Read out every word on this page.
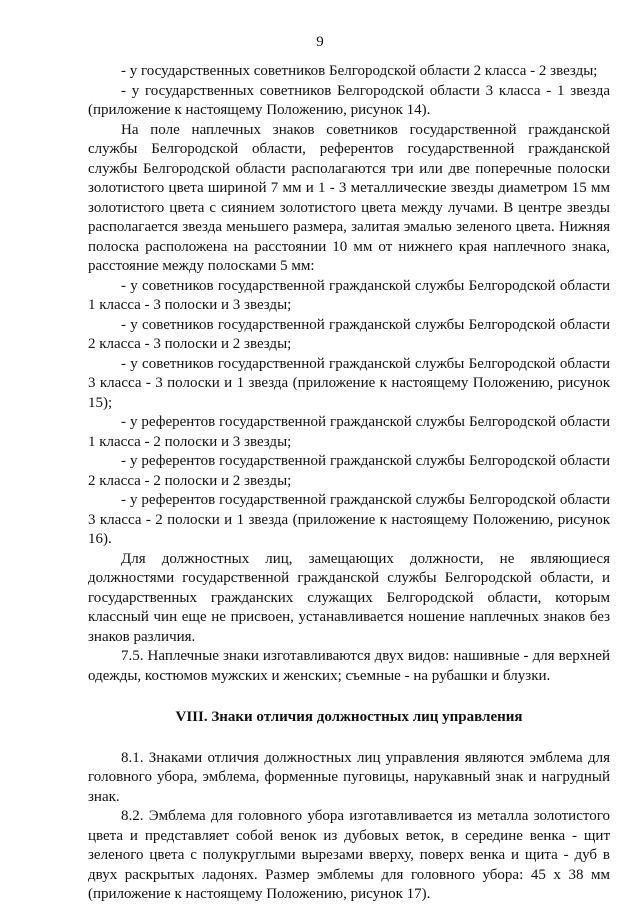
9

- у государственных советников Белгородской области 2 класса - 2 звезды;

- у государственных советников Белгородской области 3 класса - 1 звезда (приложение к настоящему Положению, рисунок 14).

На поле наплечных знаков советников государственной гражданской службы Белгородской области, референтов государственной гражданской службы Белгородской области располагаются три или две поперечные полоски золотистого цвета шириной 7 мм и 1 - 3 металлические звезды диаметром 15 мм золотистого цвета с сиянием золотистого цвета между лучами. В центре звезды располагается звезда меньшего размера, залитая эмалью зеленого цвета. Нижняя полоска расположена на расстоянии 10 мм от нижнего края наплечного знака, расстояние между полосками 5 мм:

- у советников государственной гражданской службы Белгородской области 1 класса - 3 полоски и 3 звезды;

- у советников государственной гражданской службы Белгородской области 2 класса - 3 полоски и 2 звезды;

- у советников государственной гражданской службы Белгородской области 3 класса - 3 полоски и 1 звезда (приложение к настоящему Положению, рисунок 15);

- у референтов государственной гражданской службы Белгородской области 1 класса - 2 полоски и 3 звезды;

- у референтов государственной гражданской службы Белгородской области 2 класса - 2 полоски и 2 звезды;

- у референтов государственной гражданской службы Белгородской области 3 класса - 2 полоски и 1 звезда (приложение к настоящему Положению, рисунок 16).

Для должностных лиц, замещающих должности, не являющиеся должностями государственной гражданской службы Белгородской области, и государственных гражданских служащих Белгородской области, которым классный чин еще не присвоен, устанавливается ношение наплечных знаков без знаков различия.

7.5. Наплечные знаки изготавливаются двух видов: нашивные - для верхней одежды, костюмов мужских и женских; съемные - на рубашки и блузки.

VIII. Знаки отличия должностных лиц управления

8.1. Знаками отличия должностных лиц управления являются эмблема для головного убора, эмблема, форменные пуговицы, нарукавный знак и нагрудный знак.

8.2. Эмблема для головного убора изготавливается из металла золотистого цвета и представляет собой венок из дубовых веток, в середине венка - щит зеленого цвета с полукруглыми вырезами вверху, поверх венка и щита - дуб в двух раскрытых ладонях. Размер эмблемы для головного убора: 45 х 38 мм (приложение к настоящему Положению, рисунок 17).
